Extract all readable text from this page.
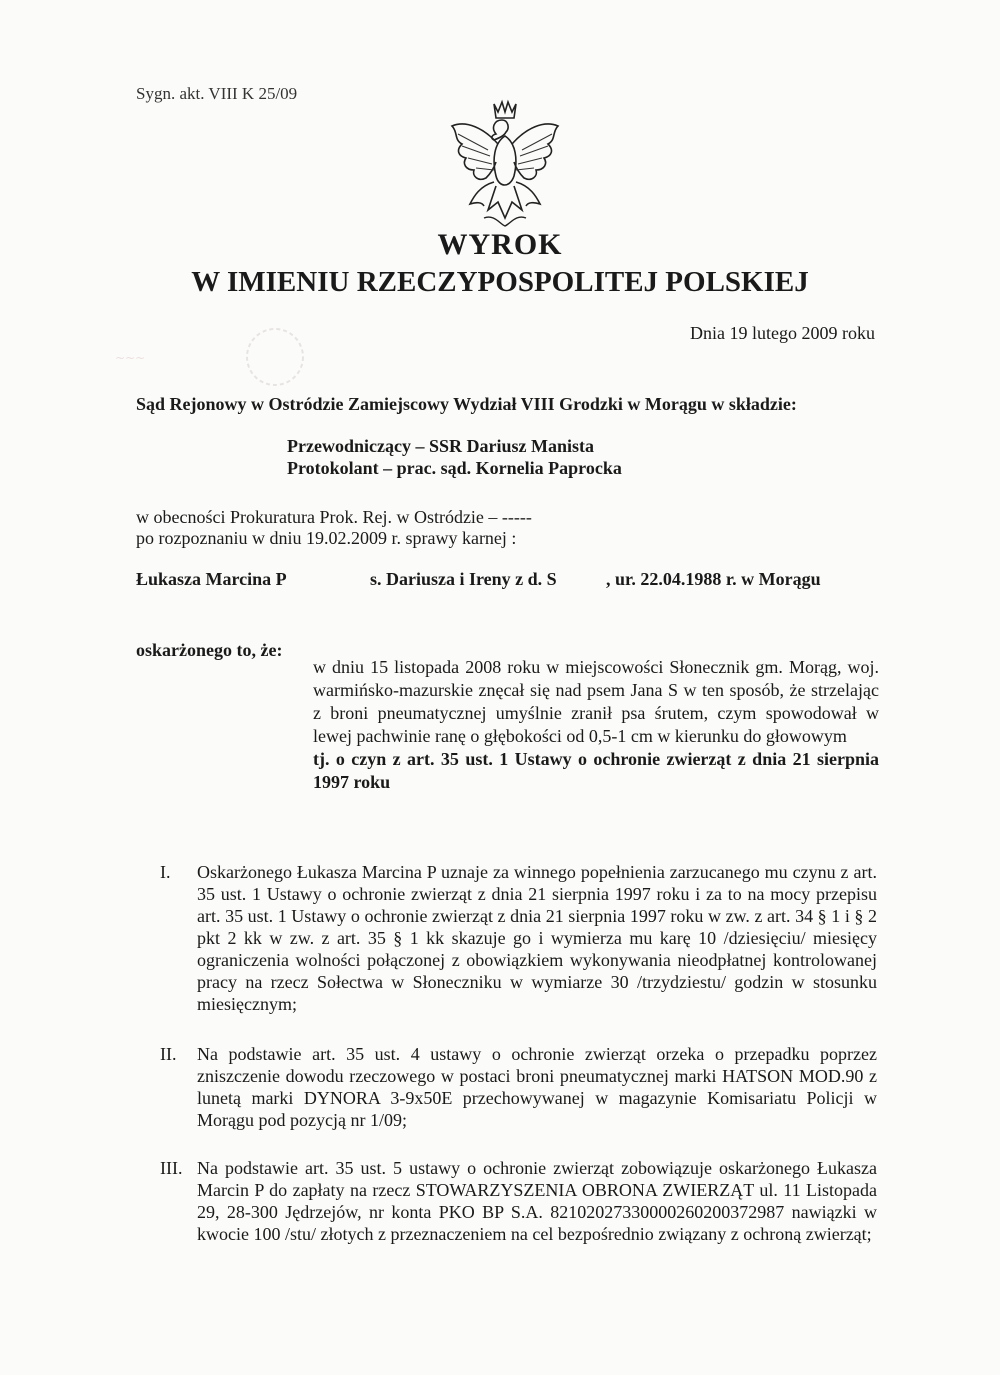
Sygn. akt. VIII K 25/09
~~~
WYROK
W IMIENIU RZECZYPOSPOLITEJ POLSKIEJ
Dnia 19 lutego 2009 roku
Sąd Rejonowy w Ostródzie Zamiejscowy Wydział VIII Grodzki w Morągu w składzie:
Przewodniczący – SSR Dariusz Manista
Protokolant – prac. sąd. Kornelia Paprocka
w obecności Prokuratura Prok. Rej. w Ostródzie – -----
po rozpoznaniu w dniu 19.02.2009 r. sprawy karnej :
Łukasza Marcina P	s. Dariusza i Ireny z d. S	, ur. 22.04.1988 r. w Morągu
oskarżonego to, że:
w dniu 15 listopada 2008 roku w miejscowości Słonecznik gm. Morąg, woj. warmińsko-mazurskie znęcał się nad psem Jana S w ten sposób, że strzelając z broni pneumatycznej umyślnie zranił psa śrutem, czym spowodował w lewej pachwinie ranę o głębokości od 0,5-1 cm w kierunku do głowowym
tj. o czyn z art. 35 ust. 1 Ustawy o ochronie zwierząt z dnia 21 sierpnia 1997 roku
I.	Oskarżonego Łukasza Marcina P uznaje za winnego popełnienia zarzucanego mu czynu z art. 35 ust. 1 Ustawy o ochronie zwierząt z dnia 21 sierpnia 1997 roku i za to na mocy przepisu art. 35 ust. 1 Ustawy o ochronie zwierząt z dnia 21 sierpnia 1997 roku w zw. z art. 34 § 1 i § 2 pkt 2 kk w zw. z art. 35 § 1 kk skazuje go i wymierza mu karę 10 /dziesięciu/ miesięcy ograniczenia wolności połączonej z obowiązkiem wykonywania nieodpłatnej kontrolowanej pracy na rzecz Sołectwa w Słoneczniku w wymiarze 30 /trzydziestu/ godzin w stosunku miesięcznym;
II.	Na podstawie art. 35 ust. 4 ustawy o ochronie zwierząt orzeka o przepadku poprzez zniszczenie dowodu rzeczowego w postaci broni pneumatycznej marki HATSON MOD.90 z lunetą marki DYNORA 3-9x50E przechowywanej w magazynie Komisariatu Policji w Morągu pod pozycją nr 1/09;
III. Na podstawie art. 35 ust. 5 ustawy o ochronie zwierząt zobowiązuje oskarżonego Łukasza Marcin P do zapłaty na rzecz STOWARZYSZENIA OBRONA ZWIERZĄT ul. 11 Listopada 29, 28-300 Jędrzejów, nr konta PKO BP S.A. 82102027330000260200372987 nawiązki w kwocie 100 /stu/ złotych z przeznaczeniem na cel bezpośrednio związany z ochroną zwierząt;
